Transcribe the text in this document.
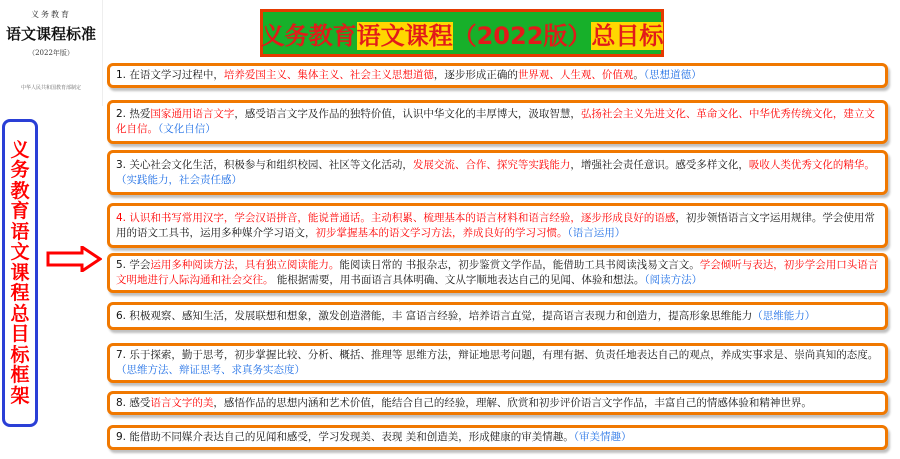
义务教育
语文课程标准
（2022年版）
中华人民共和国教育部制定
义务教育语文课程（2022版）总目标
义
务
教
育
语
文
课
程
总
目
标
框
架

1. 在语文学习过程中，培养爱国主义、集体主义、社会主义思想道德，逐步形成正确的世界观、人生观、价值观。（思想道德）

2. 热爱国家通用语言文字，感受语言文字及作品的独特价值，认识中华文化的丰厚博大，汲取智慧，弘扬社会主义先进文化、革命文化、中华优秀传统文化，建立文化自信。（文化自信）

3. 关心社会文化生活，积极参与和组织校园、社区等文化活动，发展交流、合作、探究等实践能力，增强社会责任意识。感受多样文化，吸收人类优秀文化的精华。（实践能力，社会责任感）

4. 认识和书写常用汉字，学会汉语拼音，能说普通话。主动积累、梳理基本的语言材料和语言经验，逐步形成良好的语感，初步领悟语言文字运用规律。学会使用常用的语文工具书，运用多种媒介学习语文，初步掌握基本的语文学习方法，养成良好的学习习惯。（语言运用）

5. 学会运用多种阅读方法，具有独立阅读能力。能阅读日常的 书报杂志，初步鉴赏文学作品，能借助工具书阅读浅易文言文。学会倾听与表达，初步学会用口头语言文明地进行人际沟通和社会交往。 能根据需要，用书面语言具体明确、文从字顺地表达自己的见闻、体验和想法。（阅读方法）

6. 积极观察、感知生活，发展联想和想象，激发创造潜能，丰 富语言经验，培养语言直觉，提高语言表现力和创造力，提高形象思维能力（思维能力）

7. 乐于探索，勤于思考，初步掌握比较、分析、概括、推理等 思维方法，辩证地思考问题，有理有据、负责任地表达自己的观点，养成实事求是、崇尚真知的态度。（思维方法、辩证思考、求真务实态度）

8. 感受语言文字的美，感悟作品的思想内涵和艺术价值，能结合自己的经验，理解、欣赏和初步评价语言文字作品，丰富自己的情感体验和精神世界。

9. 能借助不同媒介表达自己的见闻和感受，学习发现美、表现 美和创造美，形成健康的审美情趣。（审美情趣）
